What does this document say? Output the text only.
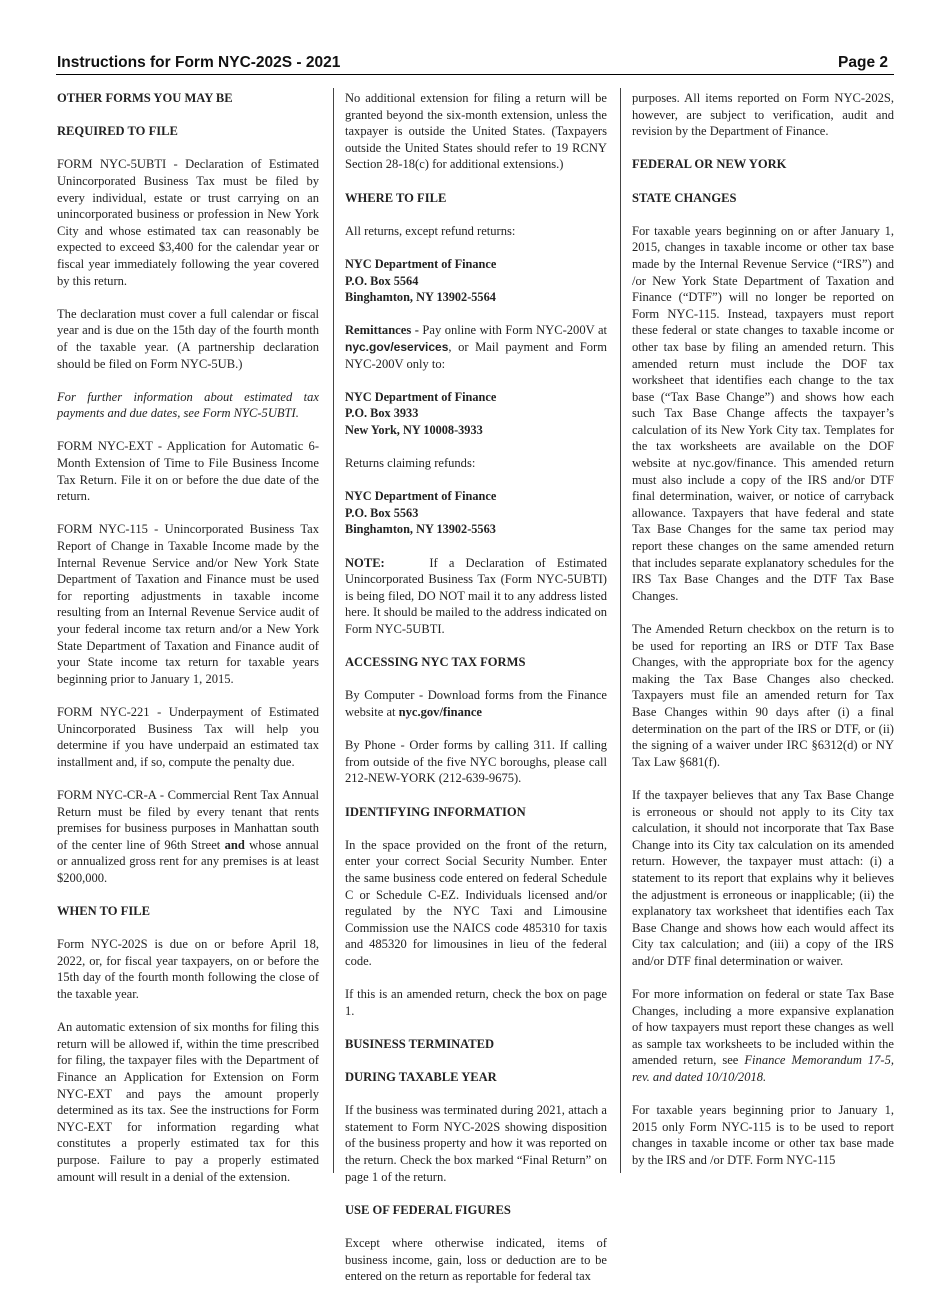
Instructions for Form NYC-202S - 2021	Page 2

OTHER FORMS YOU MAY BE

REQUIRED TO FILE

FORM NYC-5UBTI - Declaration of Estimated Unincorporated Business Tax must be filed by every individual, estate or trust carrying on an unincorporated business or profession in New York City and whose estimated tax can reasonably be expected to exceed $3,400 for the calendar year or fiscal year immediately following the year covered by this return.

The declaration must cover a full calendar or fiscal year and is due on the 15th day of the fourth month of the taxable year. (A partnership declaration should be filed on Form NYC-5UB.)

For further information about estimated tax payments and due dates, see Form NYC-5UBTI.

FORM NYC-EXT - Application for Automatic 6-Month Extension of Time to File Business Income Tax Return. File it on or before the due date of the return.

FORM NYC-115 - Unincorporated Business Tax Report of Change in Taxable Income made by the Internal Revenue Service and/or New York State Department of Taxation and Finance must be used for reporting adjustments in taxable income resulting from an Internal Revenue Service audit of your federal income tax return and/or a New York State Department of Taxation and Finance audit of your State income tax return for taxable years beginning prior to January 1, 2015.

FORM NYC-221 - Underpayment of Estimated Unincorporated Business Tax will help you determine if you have underpaid an estimated tax installment and, if so, compute the penalty due.

FORM NYC-CR-A - Commercial Rent Tax Annual Return must be filed by every tenant that rents premises for business purposes in Manhattan south of the center line of 96th Street and whose annual or annualized gross rent for any premises is at least $200,000.

WHEN TO FILE

Form NYC-202S is due on or before April 18, 2022, or, for fiscal year taxpayers, on or before the 15th day of the fourth month following the close of the taxable year.

An automatic extension of six months for filing this return will be allowed if, within the time prescribed for filing, the taxpayer files with the Department of Finance an Application for Extension on Form NYC-EXT and pays the amount properly determined as its tax. See the instructions for Form NYC-EXT for information regarding what constitutes a properly estimated tax for this purpose. Failure to pay a properly estimated amount will result in a denial of the extension.

No additional extension for filing a return will be granted beyond the six-month extension, unless the taxpayer is outside the United States. (Taxpayers outside the United States should refer to 19 RCNY Section 28-18(c) for additional extensions.)

WHERE TO FILE

All returns, except refund returns:

NYC Department of Finance
P.O. Box 5564
Binghamton, NY 13902-5564

Remittances - Pay online with Form NYC-200V at nyc.gov/eservices, or Mail payment and Form NYC-200V only to:

NYC Department of Finance
P.O. Box 3933
New York, NY 10008-3933

Returns claiming refunds:

NYC Department of Finance
P.O. Box 5563
Binghamton, NY 13902-5563

NOTE:	If a Declaration of Estimated Unincorporated Business Tax (Form NYC-5UBTI) is being filed, DO NOT mail it to any address listed here. It should be mailed to the address indicated on Form NYC-5UBTI.

ACCESSING NYC TAX FORMS

By Computer - Download forms from the Finance website at nyc.gov/finance

By Phone - Order forms by calling 311. If calling from outside of the five NYC boroughs, please call 212-NEW-YORK (212-639-9675).

IDENTIFYING INFORMATION

In the space provided on the front of the return, enter your correct Social Security Number. Enter the same business code entered on federal Schedule C or Schedule C-EZ. Individuals licensed and/or regulated by the NYC Taxi and Limousine Commission use the NAICS code 485310 for taxis and 485320 for limousines in lieu of the federal code.

If this is an amended return, check the box on page 1.

BUSINESS TERMINATED

DURING TAXABLE YEAR

If the business was terminated during 2021, attach a statement to Form NYC-202S showing disposition of the business property and how it was reported on the return. Check the box marked “Final Return” on page 1 of the return.

USE OF FEDERAL FIGURES

Except where otherwise indicated, items of business income, gain, loss or deduction are to be entered on the return as reportable for federal tax

purposes. All items reported on Form NYC-202S, however, are subject to verification, audit and revision by the Department of Finance.

FEDERAL OR NEW YORK

STATE CHANGES

For taxable years beginning on or after January 1, 2015, changes in taxable income or other tax base made by the Internal Revenue Service (“IRS”) and /or New York State Department of Taxation and Finance (“DTF”) will no longer be reported on Form NYC-115. Instead, taxpayers must report these federal or state changes to taxable income or other tax base by filing an amended return. This amended return must include the DOF tax worksheet that identifies each change to the tax base (“Tax Base Change”) and shows how each such Tax Base Change affects the taxpayer’s calculation of its New York City tax. Templates for the tax worksheets are available on the DOF website at nyc.gov/finance. This amended return must also include a copy of the IRS and/or DTF final determination, waiver, or notice of carryback allowance. Taxpayers that have federal and state Tax Base Changes for the same tax period may report these changes on the same amended return that includes separate explanatory schedules for the IRS Tax Base Changes and the DTF Tax Base Changes.

The Amended Return checkbox on the return is to be used for reporting an IRS or DTF Tax Base Changes, with the appropriate box for the agency making the Tax Base Changes also checked. Taxpayers must file an amended return for Tax Base Changes within 90 days after (i) a final determination on the part of the IRS or DTF, or (ii) the signing of a waiver under IRC §6312(d) or NY Tax Law §681(f).

If the taxpayer believes that any Tax Base Change is erroneous or should not apply to its City tax calculation, it should not incorporate that Tax Base Change into its City tax calculation on its amended return. However, the taxpayer must attach: (i) a statement to its report that explains why it believes the adjustment is erroneous or inapplicable; (ii) the explanatory tax worksheet that identifies each Tax Base Change and shows how each would affect its City tax calculation; and (iii) a copy of the IRS and/or DTF final determination or waiver.

For more information on federal or state Tax Base Changes, including a more expansive explanation of how taxpayers must report these changes as well as sample tax worksheets to be included within the amended return, see Finance Memorandum 17-5, rev. and dated 10/10/2018.

For taxable years beginning prior to January 1, 2015 only Form NYC-115 is to be used to report changes in taxable income or other tax base made by the IRS and /or DTF. Form NYC-115
